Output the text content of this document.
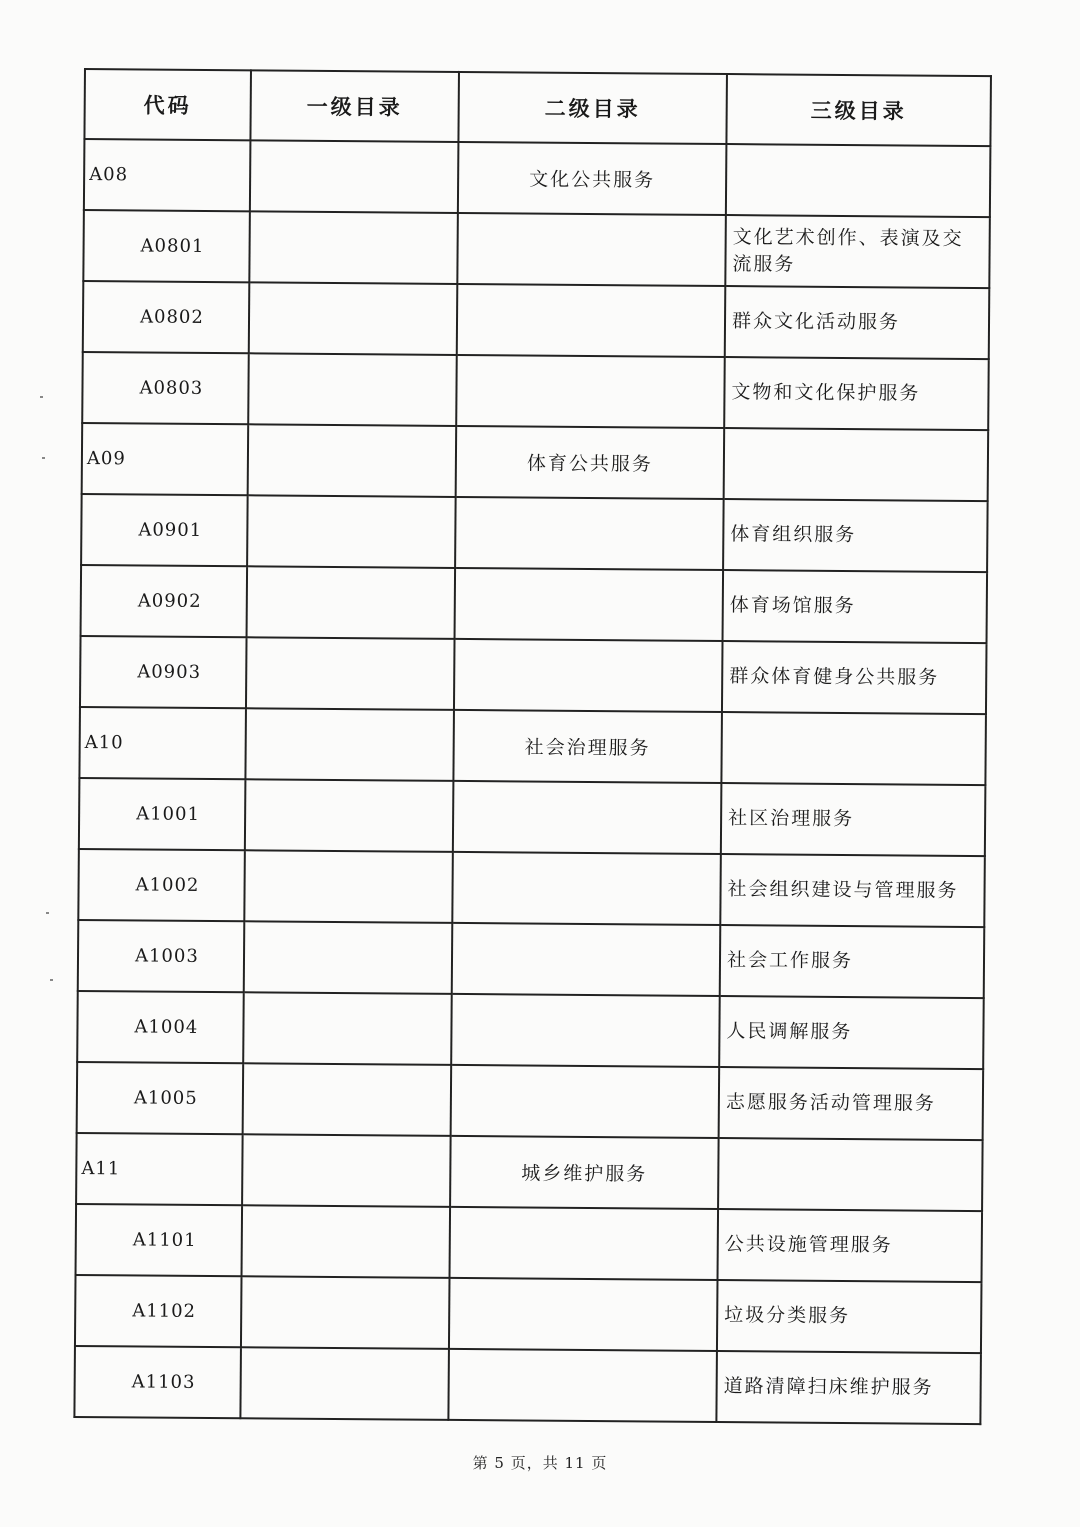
代码	一级目录	二级目录	三级目录
A08		文化公共服务	
A0801			文化艺术创作、表演及交流服务
A0802			群众文化活动服务
A0803			文物和文化保护服务
A09		体育公共服务	
A0901			体育组织服务
A0902			体育场馆服务
A0903			群众体育健身公共服务
A10		社会治理服务	
A1001			社区治理服务
A1002			社会组织建设与管理服务
A1003			社会工作服务
A1004			人民调解服务
A1005			志愿服务活动管理服务
A11		城乡维护服务	
A1101			公共设施管理服务
A1102			垃圾分类服务
A1103			道路清障扫床维护服务
第 5 页，共 11 页
